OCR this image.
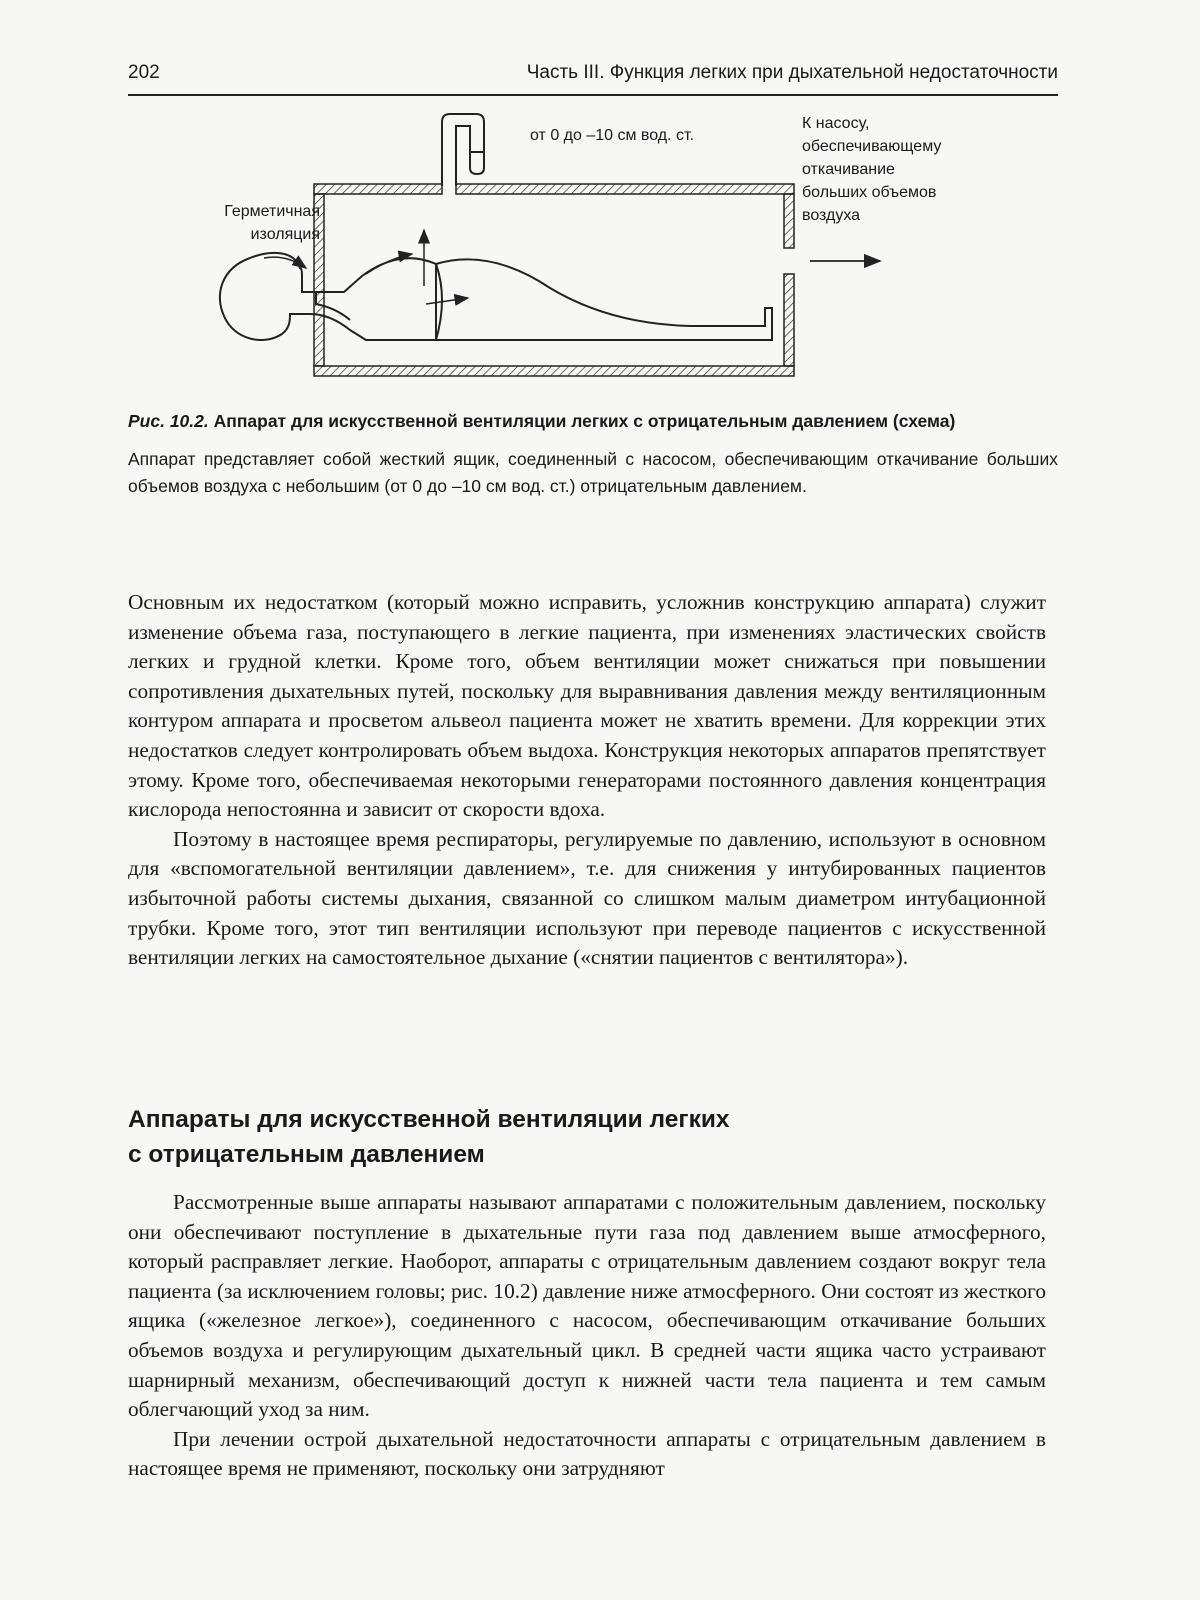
202	Часть III. Функция легких при дыхательной недостаточности
Герметичная
изоляция
от 0 до –10 см вод. ст.
К насосу,
обеспечивающему
откачивание
больших объемов
воздуха
Рис. 10.2. Аппарат для искусственной вентиляции легких с отрицательным давлением (схема)
Аппарат представляет собой жесткий ящик, соединенный с насосом, обеспечивающим откачивание больших объемов воздуха с небольшим (от 0 до –10 см вод. ст.) отрицательным давлением.

Основным их недостатком (который можно исправить, усложнив конструкцию аппарата) служит изменение объема газа, поступающего в легкие пациента, при изменениях эластических свойств легких и грудной клетки. Кроме того, объем вентиляции может снижаться при повышении сопротивления дыхательных путей, поскольку для выравнивания давления между вентиляционным контуром аппарата и просветом альвеол пациента может не хватить времени. Для коррекции этих недостатков следует контролировать объем выдоха. Конструкция некоторых аппаратов препятствует этому. Кроме того, обеспечиваемая некоторыми генераторами постоянного давления концентрация кислорода непостоянна и зависит от скорости вдоха.

Поэтому в настоящее время респираторы, регулируемые по давлению, используют в основном для «вспомогательной вентиляции давлением», т.е. для снижения у интубированных пациентов избыточной работы системы дыхания, связанной со слишком малым диаметром интубационной трубки. Кроме того, этот тип вентиляции используют при переводе пациентов с искусственной вентиляции легких на самостоятельное дыхание («снятии пациентов с вентилятора»).

Аппараты для искусственной вентиляции легких
с отрицательным давлением

Рассмотренные выше аппараты называют аппаратами с положительным давлением, поскольку они обеспечивают поступление в дыхательные пути газа под давлением выше атмосферного, который расправляет легкие. Наоборот, аппараты с отрицательным давлением создают вокруг тела пациента (за исключением головы; рис. 10.2) давление ниже атмосферного. Они состоят из жесткого ящика («железное легкое»), соединенного с насосом, обеспечивающим откачивание больших объемов воздуха и регулирующим дыхательный цикл. В средней части ящика часто устраивают шарнирный механизм, обеспечивающий доступ к нижней части тела пациента и тем самым облегчающий уход за ним.

При лечении острой дыхательной недостаточности аппараты с отрицательным давлением в настоящее время не применяют, поскольку они затрудняют
